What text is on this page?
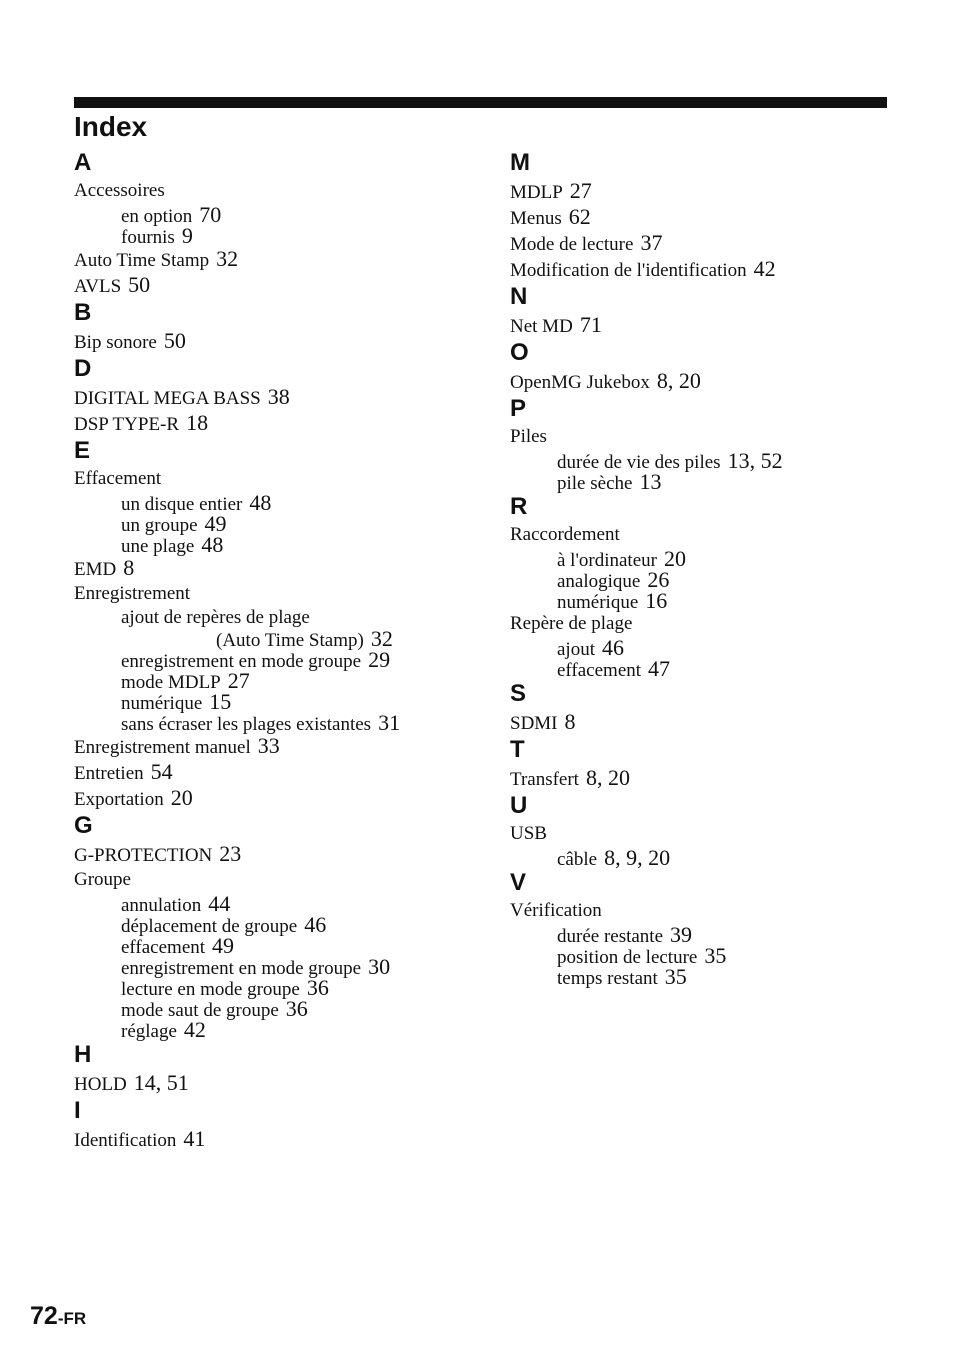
Index
A
Accessoires
en option 70
fournis 9
Auto Time Stamp 32
AVLS 50
B
Bip sonore 50
D
DIGITAL MEGA BASS 38
DSP TYPE-R 18
E
Effacement
un disque entier 48
un groupe 49
une plage 48
EMD 8
Enregistrement
ajout de repères de plage
(Auto Time Stamp) 32
enregistrement en mode groupe 29
mode MDLP 27
numérique 15
sans écraser les plages existantes 31
Enregistrement manuel 33
Entretien 54
Exportation 20
G
G-PROTECTION 23
Groupe
annulation 44
déplacement de groupe 46
effacement 49
enregistrement en mode groupe 30
lecture en mode groupe 36
mode saut de groupe 36
réglage 42
H
HOLD 14, 51
I
Identification 41
M
MDLP 27
Menus 62
Mode de lecture 37
Modification de l'identification 42
N
Net MD 71
O
OpenMG Jukebox 8, 20
P
Piles
durée de vie des piles 13, 52
pile sèche 13
R
Raccordement
à l'ordinateur 20
analogique 26
numérique 16
Repère de plage
ajout 46
effacement 47
S
SDMI 8
T
Transfert 8, 20
U
USB
câble 8, 9, 20
V
Vérification
durée restante 39
position de lecture 35
temps restant 35
72-FR
